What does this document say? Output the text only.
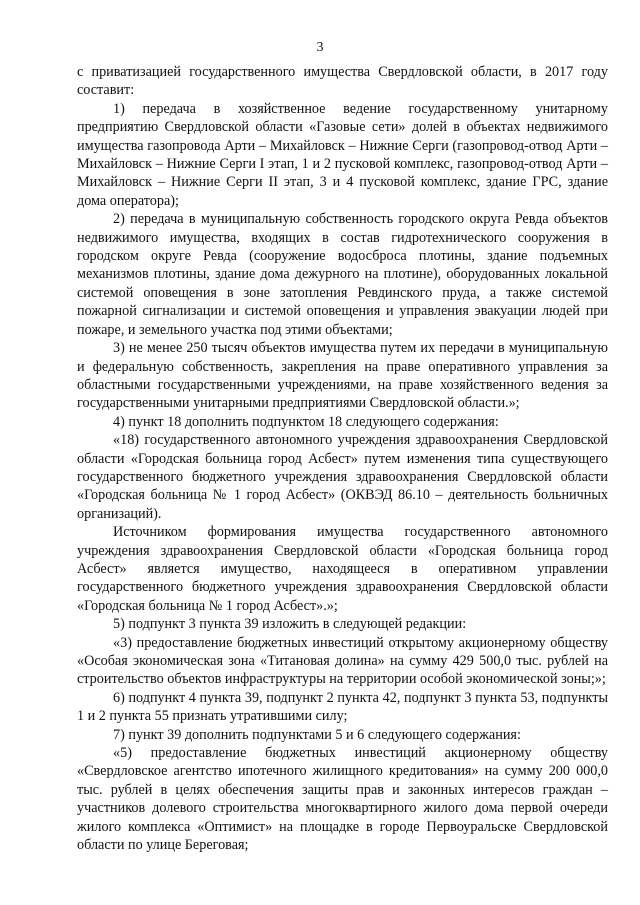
3

с приватизацией государственного имущества Свердловской области, в 2017 году составит:

1) передача в хозяйственное ведение государственному унитарному предприятию Свердловской области «Газовые сети» долей в объектах недвижимого имущества газопровода Арти – Михайловск – Нижние Серги (газопровод-отвод Арти – Михайловск – Нижние Серги I этап, 1 и 2 пусковой комплекс, газопровод-отвод Арти – Михайловск – Нижние Серги II этап, 3 и 4 пусковой комплекс, здание ГРС, здание дома оператора);

2) передача в муниципальную собственность городского округа Ревда объектов недвижимого имущества, входящих в состав гидротехнического сооружения в городском округе Ревда (сооружение водосброса плотины, здание подъемных механизмов плотины, здание дома дежурного на плотине), оборудованных локальной системой оповещения в зоне затопления Ревдинского пруда, а также системой пожарной сигнализации и системой оповещения и управления эвакуации людей при пожаре, и земельного участка под этими объектами;

3) не менее 250 тысяч объектов имущества путем их передачи в муниципальную и федеральную собственность, закрепления на праве оперативного управления за областными государственными учреждениями, на праве хозяйственного ведения за государственными унитарными предприятиями Свердловской области.»;

4) пункт 18 дополнить подпунктом 18 следующего содержания:

«18) государственного автономного учреждения здравоохранения Свердловской области «Городская больница город Асбест» путем изменения типа существующего государственного бюджетного учреждения здравоохранения Свердловской области «Городская больница № 1 город Асбест» (ОКВЭД 86.10 – деятельность больничных организаций).

Источником формирования имущества государственного автономного учреждения здравоохранения Свердловской области «Городская больница город Асбест» является имущество, находящееся в оперативном управлении государственного бюджетного учреждения здравоохранения Свердловской области «Городская больница № 1 город Асбест».»;

5) подпункт 3 пункта 39 изложить в следующей редакции:

«3) предоставление бюджетных инвестиций открытому акционерному обществу «Особая экономическая зона «Титановая долина» на сумму 429 500,0 тыс. рублей на строительство объектов инфраструктуры на территории особой экономической зоны;»;

6) подпункт 4 пункта 39, подпункт 2 пункта 42, подпункт 3 пункта 53, подпункты 1 и 2 пункта 55 признать утратившими силу;

7) пункт 39 дополнить подпунктами 5 и 6 следующего содержания:

«5) предоставление бюджетных инвестиций акционерному обществу «Свердловское агентство ипотечного жилищного кредитования» на сумму 200 000,0 тыс. рублей в целях обеспечения защиты прав и законных интересов граждан – участников долевого строительства многоквартирного жилого дома первой очереди жилого комплекса «Оптимист» на площадке в городе Первоуральске Свердловской области по улице Береговая;
